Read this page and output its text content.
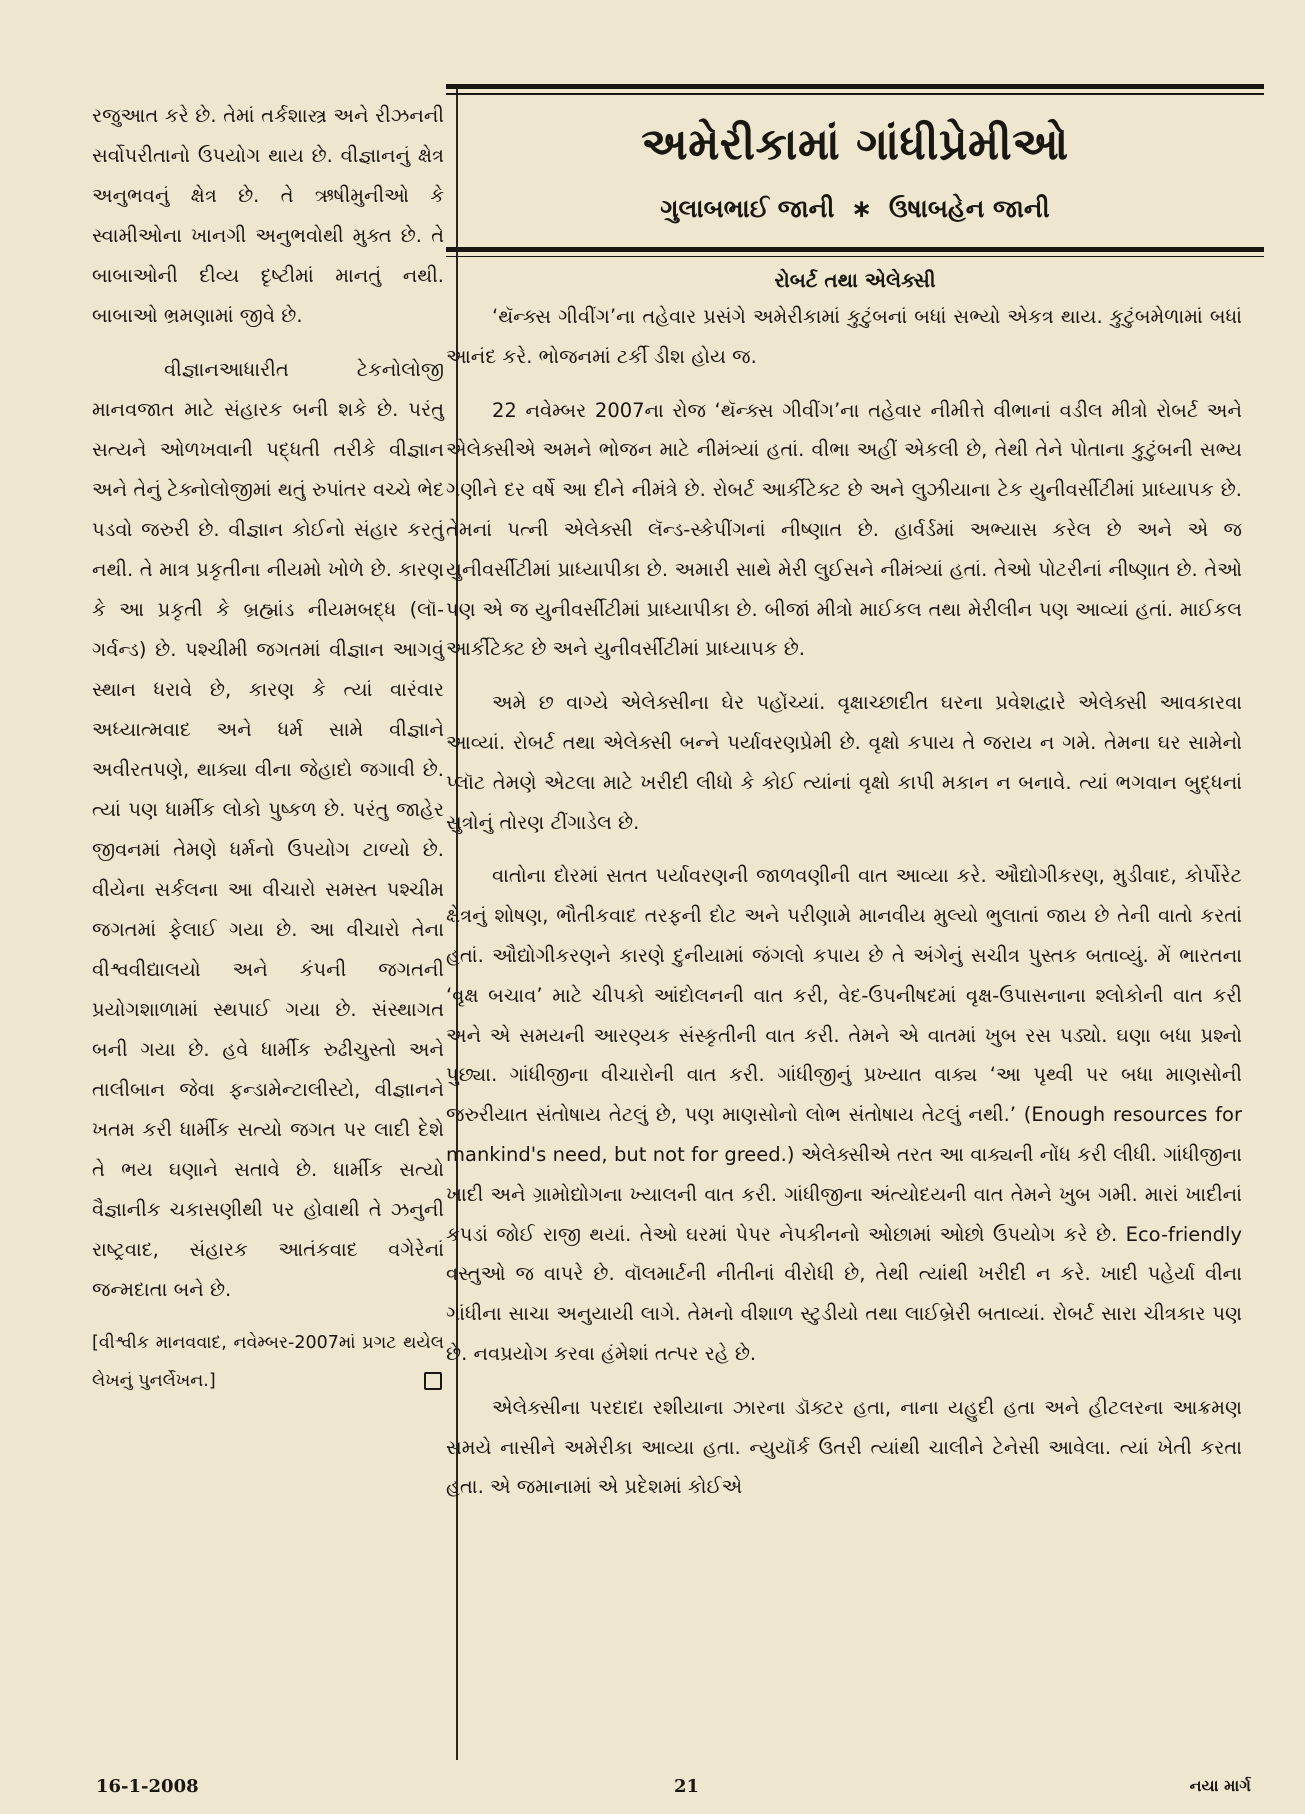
રજુઆત કરે છે. તેમાં તર્કશાસ્ત્ર અને રીઝનની સર્વોપરીતાનો ઉપયોગ થાય છે. વીજ્ઞાનનું ક્ષેત્ર અનુભવનું ક્ષેત્ર છે. તે ઋષીમુનીઓ કે સ્વામીઓના ખાનગી અનુભવોથી મુક્ત છે. તે બાબાઓની દીવ્ય દૃષ્ટીમાં માનતું નથી. બાબાઓ ભ્રમણામાં જીવે છે.

વીજ્ઞાનઆધારીત ટેકનોલોજી માનવજાત માટે સંહારક બની શકે છે. પરંતુ સત્યને ઓળખવાની પદ્ધતી તરીકે વીજ્ઞાન અને તેનું ટેક્નોલોજીમાં થતું રુપાંતર વચ્ચે ભેદ પડવો જરુરી છે. વીજ્ઞાન કોઈનો સંહાર કરતું નથી. તે માત્ર પ્રકૃતીના નીયમો ખોળે છે. કારણ કે આ પ્રકૃતી કે બ્રહ્માંડ નીયમબદ્ધ (લૉ-ગર્વન્ડ) છે. પશ્ચીમી જગતમાં વીજ્ઞાન આગવું સ્થાન ધરાવે છે, કારણ કે ત્યાં વારંવાર અધ્યાત્મવાદ અને ધર્મ સામે વીજ્ઞાને અવીરતપણે, થાક્યા વીના જેહાદો જગાવી છે. ત્યાં પણ ધાર્મીક લોકો પુષ્કળ છે. પરંતુ જાહેર જીવનમાં તેમણે ધર્મનો ઉપયોગ ટાળ્યો છે. વીયેના સર્કલના આ વીચારો સમસ્ત પશ્ચીમ જગતમાં ફેલાઈ ગયા છે. આ વીચારો તેના વીશ્વવીદ્યાલયો અને કંપની જગતની પ્રયોગશાળામાં સ્થપાઈ ગયા છે. સંસ્થાગત બની ગયા છે. હવે ધાર્મીક રુઢીચુસ્તો અને તાલીબાન જેવા ફન્ડામેન્ટાલીસ્ટો, વીજ્ઞાનને ખતમ કરી ધાર્મીક સત્યો જગત પર લાદી દેશે તે ભય ઘણાને સતાવે છે. ધાર્મીક સત્યો વૈજ્ઞાનીક ચકાસણીથી પર હોવાથી તે ઝનુની રાષ્ટ્રવાદ, સંહારક આતંકવાદ વગેરેનાં જન્મદાતા બને છે.

[વીશ્વીક માનવવાદ, નવેમ્બર-2007માં પ્રગટ થયેલ લેખનું પુનર્લેખન.]
અમેરીકામાં ગાંધીપ્રેમીઓ
ગુલાબભાઈ જાની ∗ ઉષાબહેન જાની
રોબર્ટ તથા એલેક્સી

‘થૅન્ક્સ ગીવીંગ’ના તહેવાર પ્રસંગે અમેરીકામાં કુટુંબનાં બધાં સભ્યો એકત્ર થાય. કુટુંબમેળામાં બધાં આનંદ કરે. ભોજનમાં ટર્કી ડીશ હોય જ.

22 નવેમ્બર 2007ના રોજ ‘થૅન્ક્સ ગીવીંગ’ના તહેવાર નીમીત્તે વીભાનાં વડીલ મીત્રો રોબર્ટ અને એલેક્સીએ અમને ભોજન માટે નીમંત્ર્યાં હતાં. વીભા અહીં એકલી છે, તેથી તેને પોતાના કુટુંબની સભ્ય ગણીને દર વર્ષે આ દીને નીમંત્રે છે. રોબર્ટ આર્કીટેક્ટ છે અને લુઝીયાના ટેક યુનીવર્સીટીમાં પ્રાધ્યાપક છે. તેમનાં પત્ની એલેક્સી લૅન્ડ-સ્કેપીંગનાં નીષ્ણાત છે. હાર્વર્ડમાં અભ્યાસ કરેલ છે અને એ જ યુનીવર્સીટીમાં પ્રાધ્યાપીકા છે. અમારી સાથે મેરી લુઈસને નીમંત્ર્યાં હતાં. તેઓ પોટરીનાં નીષ્ણાત છે. તેઓ પણ એ જ યુનીવર્સીટીમાં પ્રાધ્યાપીકા છે. બીજાં મીત્રો માઈકલ તથા મેરીલીન પણ આવ્યાં હતાં. માઈકલ આર્કીટેક્ટ છે અને યુનીવર્સીટીમાં પ્રાધ્યાપક છે.

અમે છ વાગ્યે એલેક્સીના ઘેર પહોંચ્યાં. વૃક્ષાચ્છાદીત ઘરના પ્રવેશદ્વારે એલેક્સી આવકારવા આવ્યાં. રોબર્ટ તથા એલેક્સી બન્ને પર્યાવરણપ્રેમી છે. વૃક્ષો કપાય તે જરાય ન ગમે. તેમના ઘર સામેનો પ્લૉટ તેમણે એટલા માટે ખરીદી લીધો કે કોઈ ત્યાંનાં વૃક્ષો કાપી મકાન ન બનાવે. ત્યાં ભગવાન બુદ્ધનાં સુત્રોનું તોરણ ટીંગાડેલ છે.

વાતોના દોરમાં સતત પર્યાવરણની જાળવણીની વાત આવ્યા કરે. ઔદ્યોગીકરણ, મુડીવાદ, કોર્પોરેટ ક્ષેત્રનું શોષણ, ભૌતીકવાદ તરફની દોટ અને પરીણામે માનવીય મુલ્યો ભુલાતાં જાય છે તેની વાતો કરતાં હતાં. ઔદ્યોગીકરણને કારણે દુનીયામાં જંગલો કપાય છે તે અંગેનું સચીત્ર પુસ્તક બતાવ્યું. મેં ભારતના ‘વૃક્ષ બચાવ’ માટે ચીપકો આંદોલનની વાત કરી, વેદ-ઉપનીષદમાં વૃક્ષ-ઉપાસનાના શ્લોકોની વાત કરી અને એ સમયની આરણ્યક સંસ્કૃતીની વાત કરી. તેમને એ વાતમાં ખુબ રસ પડ્યો. ઘણા બધા પ્રશ્નો પુછ્યા. ગાંધીજીના વીચારોની વાત કરી. ગાંધીજીનું પ્રખ્યાત વાક્ય ‘આ પૃથ્વી પર બધા માણસોની જરુરીયાત સંતોષાય તેટલું છે, પણ માણસોનો લોભ સંતોષાય તેટલું નથી.’ (Enough resources for mankind's need, but not for greed.) એલેક્સીએ તરત આ વાક્યની નોંધ કરી લીધી. ગાંધીજીના ખાદી અને ગ્રામોદ્યોગના ખ્યાલની વાત કરી. ગાંધીજીના અંત્યોદયની વાત તેમને ખુબ ગમી. મારાં ખાદીનાં કપડાં જોઈ રાજી થયાં. તેઓ ઘરમાં પેપર નેપકીનનો ઓછામાં ઓછો ઉપયોગ કરે છે. Eco-friendly વસ્તુઓ જ વાપરે છે. વૉલમાર્ટની નીતીનાં વીરોધી છે, તેથી ત્યાંથી ખરીદી ન કરે. ખાદી પહેર્યા વીના ગાંધીના સાચા અનુયાયી લાગે. તેમનો વીશાળ સ્ટુડીયો તથા લાઈબ્રેરી બતાવ્યાં. રોબર્ટ સારા ચીત્રકાર પણ છે. નવપ્રયોગ કરવા હંમેશાં તત્પર રહે છે.

એલેક્સીના પરદાદા રશીયાના ઝારના ડૉક્ટર હતા, નાના યહુદી હતા અને હીટલરના આક્રમણ સમયે નાસીને અમેરીકા આવ્યા હતા. ન્યુયૉર્ક ઉતરી ત્યાંથી ચાલીને ટેનેસી આવેલા. ત્યાં ખેતી કરતા હતા. એ જમાનામાં એ પ્રદેશમાં કોઈએ

16-1-2008	21	નયા માર્ગ
